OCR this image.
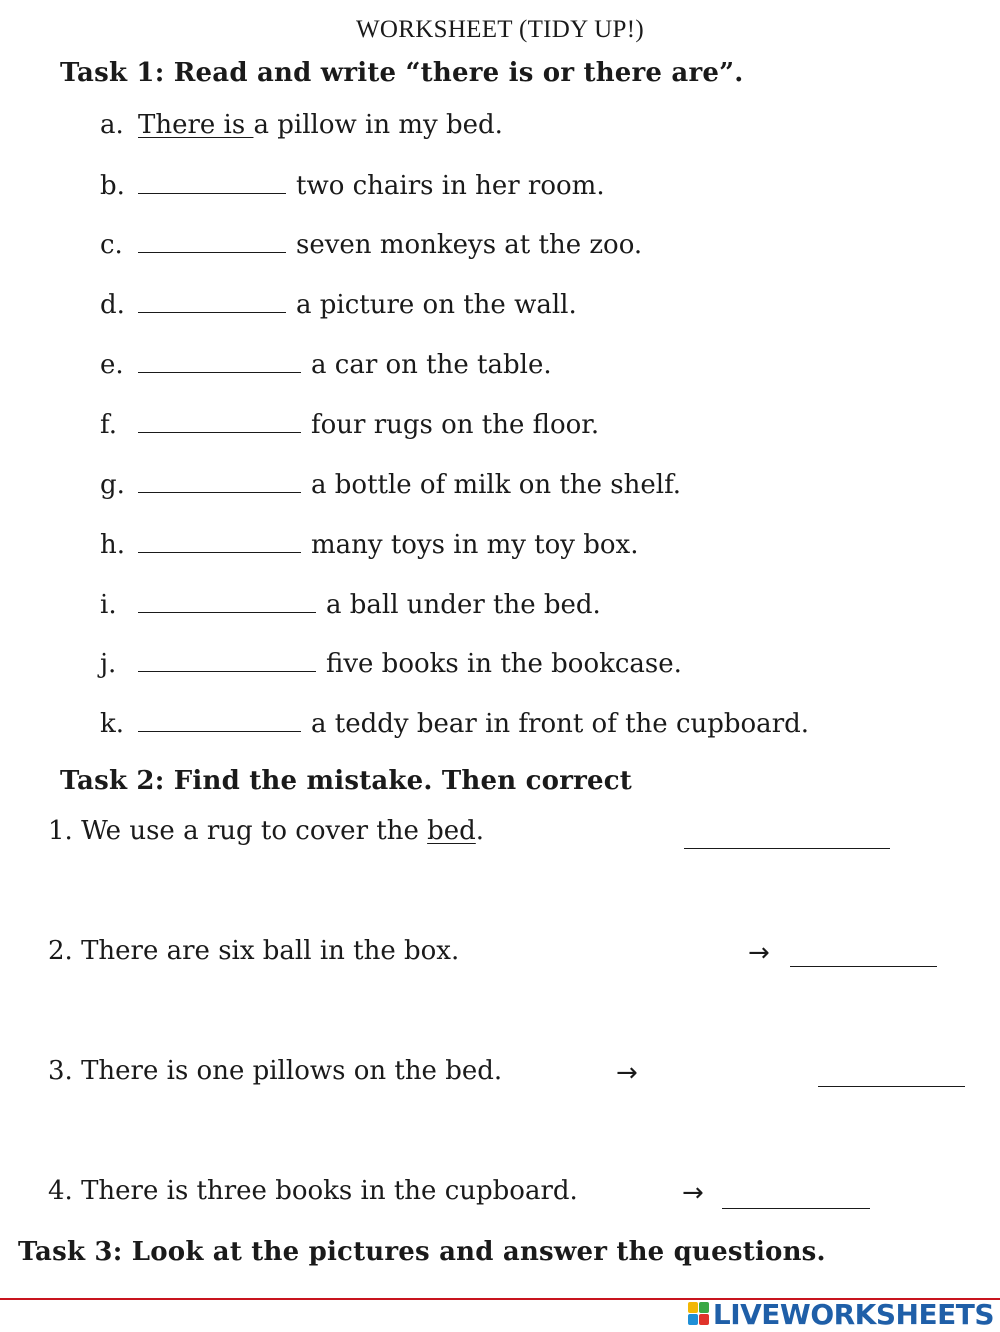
WORKSHEET (TIDY UP!)
Task 1: Read and write “there is or there are”.
a. There is a pillow in my bed.
b.	two chairs in her room.
c.	seven monkeys at the zoo.
d.	a picture on the wall.
e.	a car on the table.
f.	four rugs on the floor.
g.	a bottle of milk on the shelf.
h.	many toys in my toy box.
i.	a ball under the bed.
j.	five books in the bookcase.
k.	a teddy bear in front of the cupboard.
Task 2: Find the mistake. Then correct
1. We use a rug to cover the bed.
2. There are six ball in the box.	→
3. There is one pillows on the bed.	→
4. There is three books in the cupboard.	→
Task 3: Look at the pictures and answer the questions.
LIVEWORKSHEETS
